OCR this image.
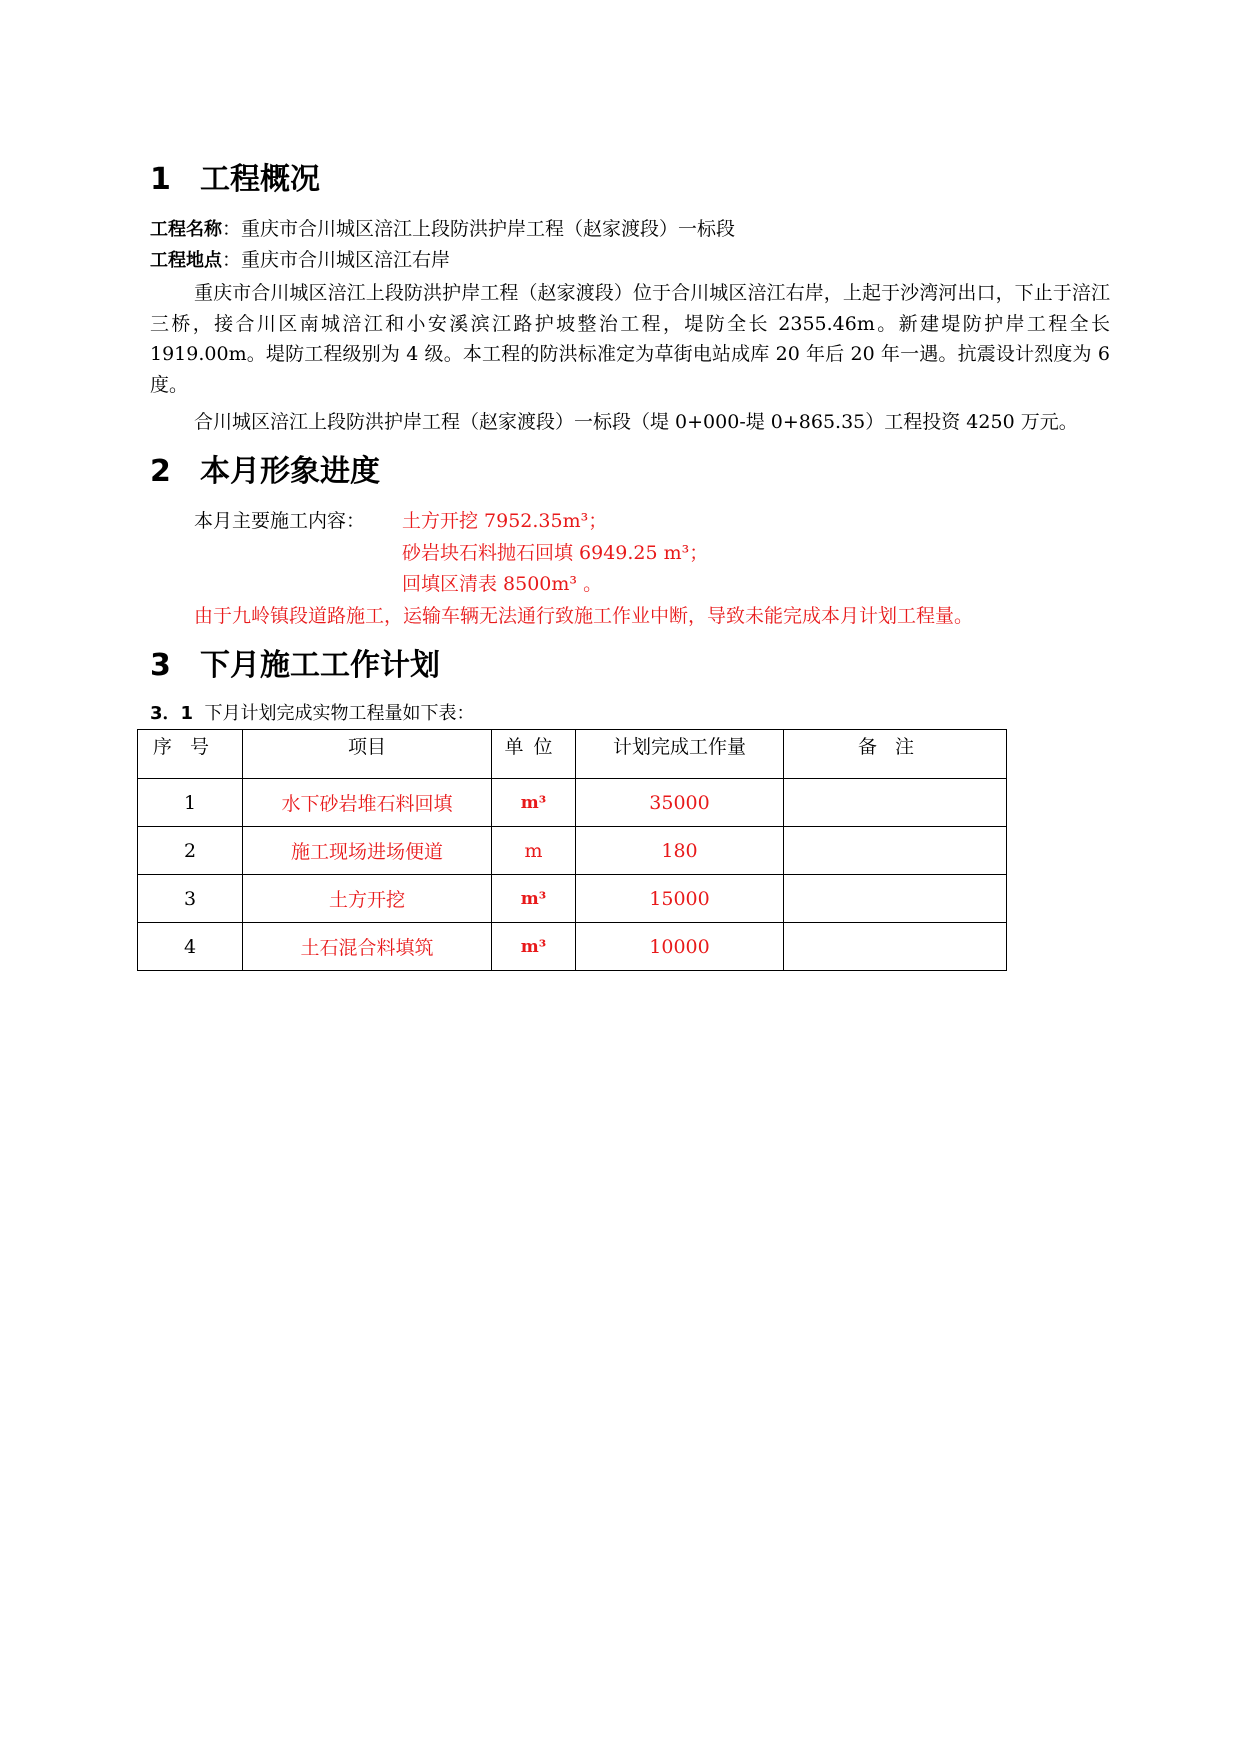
1 工程概况
工程名称：重庆市合川城区涪江上段防洪护岸工程（赵家渡段）一标段
工程地点：重庆市合川城区涪江右岸

重庆市合川城区涪江上段防洪护岸工程（赵家渡段）位于合川城区涪江右岸，上起于沙湾河出口，下止于涪江三桥，接合川区南城涪江和小安溪滨江路护坡整治工程，堤防全长 2355.46m。新建堤防护岸工程全长 1919.00m。堤防工程级别为 4 级。本工程的防洪标准定为草街电站成库 20 年后 20 年一遇。抗震设计烈度为 6 度。

合川城区涪江上段防洪护岸工程（赵家渡段）一标段（堤 0+000-堤 0+865.35）工程投资 4250 万元。

2 本月形象进度
本月主要施工内容： 土方开挖 7952.35m³；
砂岩块石料抛石回填 6949.25 m³；
回填区清表 8500m³ 。
由于九岭镇段道路施工，运输车辆无法通行致施工作业中断，导致未能完成本月计划工程量。
3 下月施工工作计划
3．1 下月计划完成实物工程量如下表：
序号	项目	单位	计划完成工作量	备注
1	水下砂岩堆石料回填	m³	35000	
2	施工现场进场便道	m	180	
3	土方开挖	m³	15000	
4	土石混合料填筑	m³	10000	
